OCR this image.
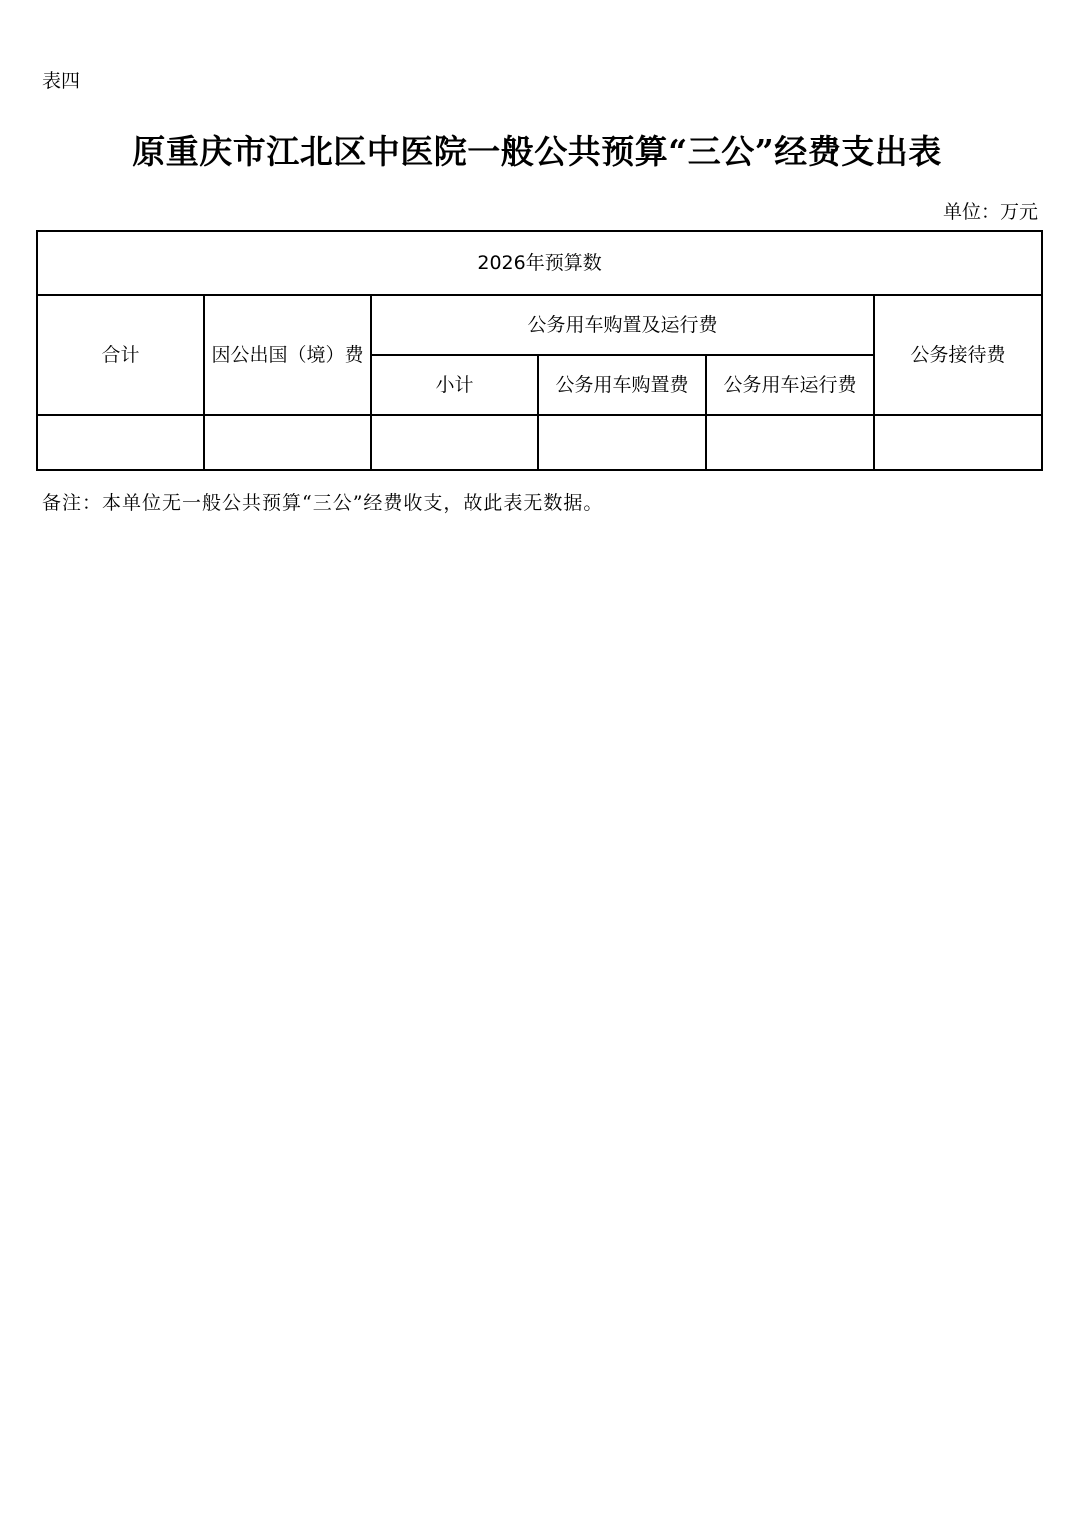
表四
原重庆市江北区中医院一般公共预算“三公”经费支出表
单位：万元
2026年预算数					
合计	因公出国（境）费	公务用车购置及运行费			公务接待费
		小计	公务用车购置费	公务用车运行费	

备注：本单位无一般公共预算“三公”经费收支，故此表无数据。
